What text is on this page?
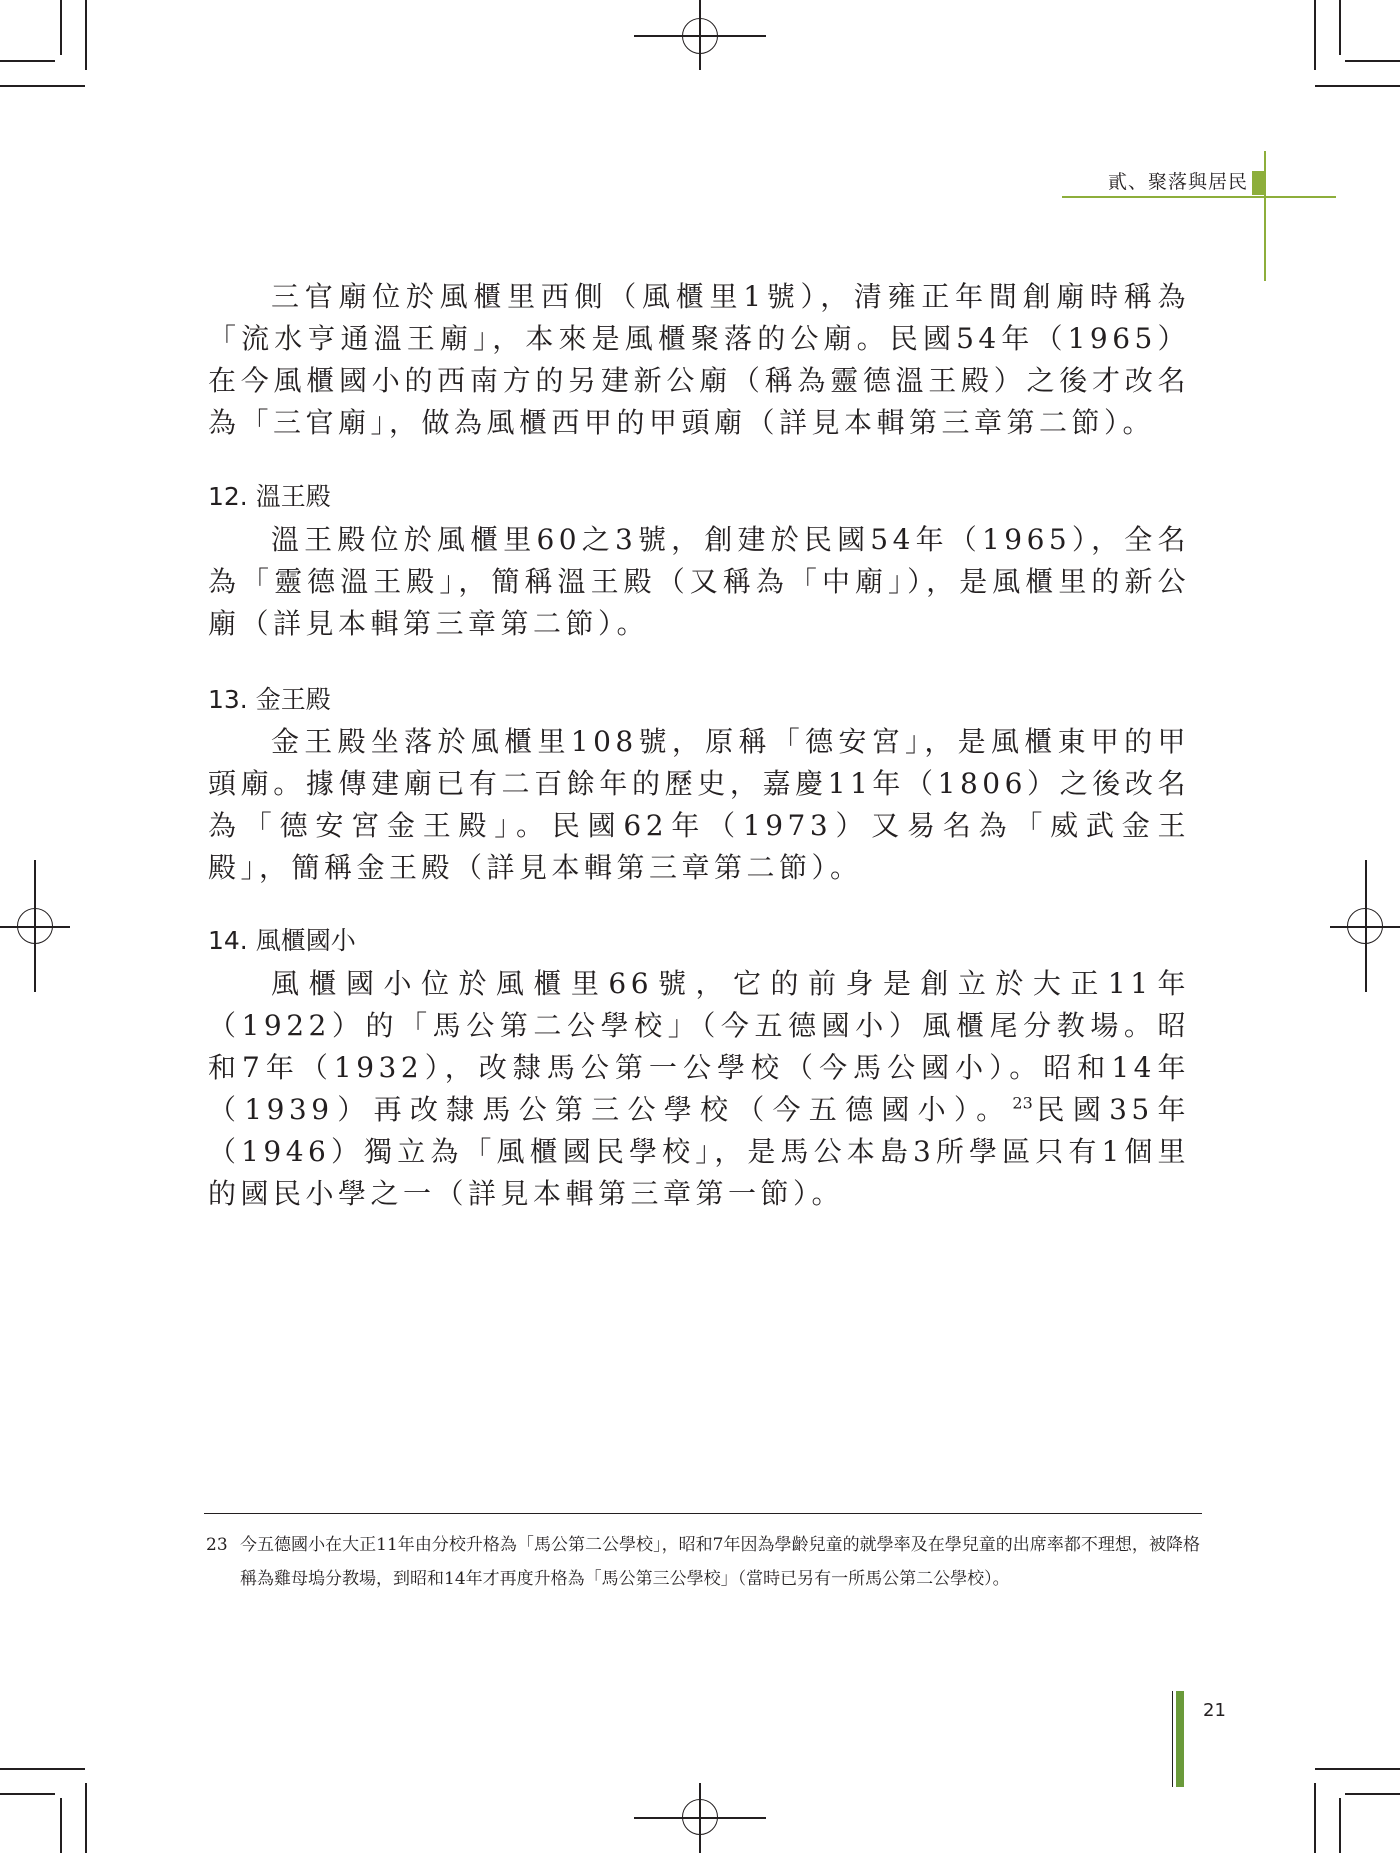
貳、聚落與居民

三官廟位於風櫃里西側（風櫃里1號），清雍正年間創廟時稱為「流水亨通溫王廟」，本來是風櫃聚落的公廟。民國54年（1965）在今風櫃國小的西南方的另建新公廟（稱為靈德溫王殿）之後才改名為「三官廟」，做為風櫃西甲的甲頭廟（詳見本輯第三章第二節）。

12. 溫王殿

溫王殿位於風櫃里60之3號，創建於民國54年（1965），全名為「靈德溫王殿」，簡稱溫王殿（又稱為「中廟」），是風櫃里的新公廟（詳見本輯第三章第二節）。

13. 金王殿

金王殿坐落於風櫃里108號，原稱「德安宮」，是風櫃東甲的甲頭廟。據傳建廟已有二百餘年的歷史，嘉慶11年（1806）之後改名為「德安宮金王殿」。民國62年（1973）又易名為「威武金王殿」，簡稱金王殿（詳見本輯第三章第二節）。

14. 風櫃國小

風櫃國小位於風櫃里66號，它的前身是創立於大正11年（1922）的「馬公第二公學校」（今五德國小）風櫃尾分教場。昭和7年（1932），改隸馬公第一公學校（今馬公國小）。昭和14年（1939）再改隸馬公第三公學校（今五德國小）。$^{23}$民國35年（1946）獨立為「風櫃國民學校」，是馬公本島3所學區只有1個里的國民小學之一（詳見本輯第三章第一節）。

23 今五德國小在大正11年由分校升格為「馬公第二公學校」，昭和7年因為學齡兒童的就學率及在學兒童的出席率都不理想，被降格稱為雞母塢分教場，到昭和14年才再度升格為「馬公第三公學校」（當時已另有一所馬公第二公學校）。
21
